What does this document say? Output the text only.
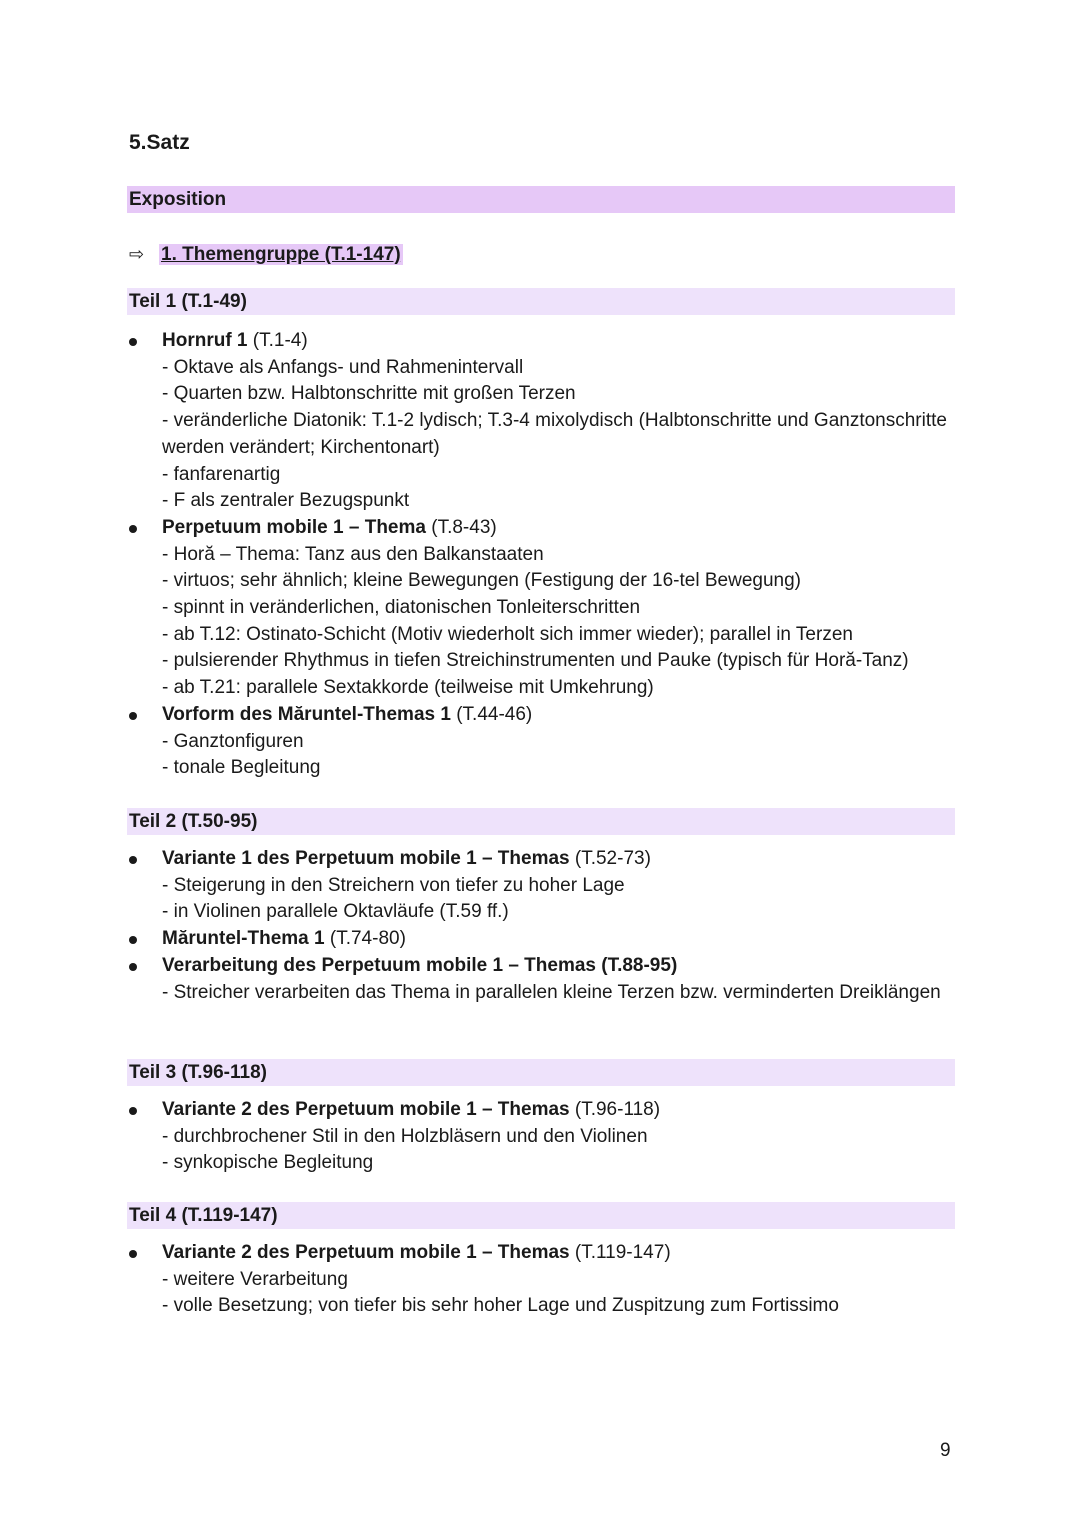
5.Satz
Exposition
⇨ 1. Themengruppe (T.1-147)
Teil 1 (T.1-49)
Hornruf 1 (T.1-4)
- Oktave als Anfangs- und Rahmenintervall
- Quarten bzw. Halbtonschritte mit großen Terzen
- veränderliche Diatonik: T.1-2 lydisch; T.3-4 mixolydisch (Halbtonschritte und Ganztonschritte werden verändert; Kirchentonart)
- fanfarenartig
- F als zentraler Bezugspunkt
Perpetuum mobile 1 – Thema (T.8-43)
- Horă – Thema: Tanz aus den Balkanstaaten
- virtuos; sehr ähnlich; kleine Bewegungen (Festigung der 16-tel Bewegung)
- spinnt in veränderlichen, diatonischen Tonleiterschritten
- ab T.12: Ostinato-Schicht (Motiv wiederholt sich immer wieder); parallel in Terzen
- pulsierender Rhythmus in tiefen Streichinstrumenten und Pauke (typisch für Horă-Tanz)
- ab T.21: parallele Sextakkorde (teilweise mit Umkehrung)
Vorform des Măruntel-Themas 1 (T.44-46)
- Ganztonfiguren
- tonale Begleitung
Teil 2 (T.50-95)
Variante 1 des Perpetuum mobile 1 – Themas (T.52-73)
- Steigerung in den Streichern von tiefer zu hoher Lage
- in Violinen parallele Oktavläufe (T.59 ff.)
Măruntel-Thema 1 (T.74-80)
Verarbeitung des Perpetuum mobile 1 – Themas (T.88-95)
- Streicher verarbeiten das Thema in parallelen kleine Terzen bzw. verminderten Dreiklängen
Teil 3 (T.96-118)
Variante 2 des Perpetuum mobile 1 – Themas (T.96-118)
- durchbrochener Stil in den Holzbläsern und den Violinen
- synkopische Begleitung
Teil 4 (T.119-147)
Variante 2 des Perpetuum mobile 1 – Themas (T.119-147)
- weitere Verarbeitung
- volle Besetzung; von tiefer bis sehr hoher Lage und Zuspitzung zum Fortissimo
9
